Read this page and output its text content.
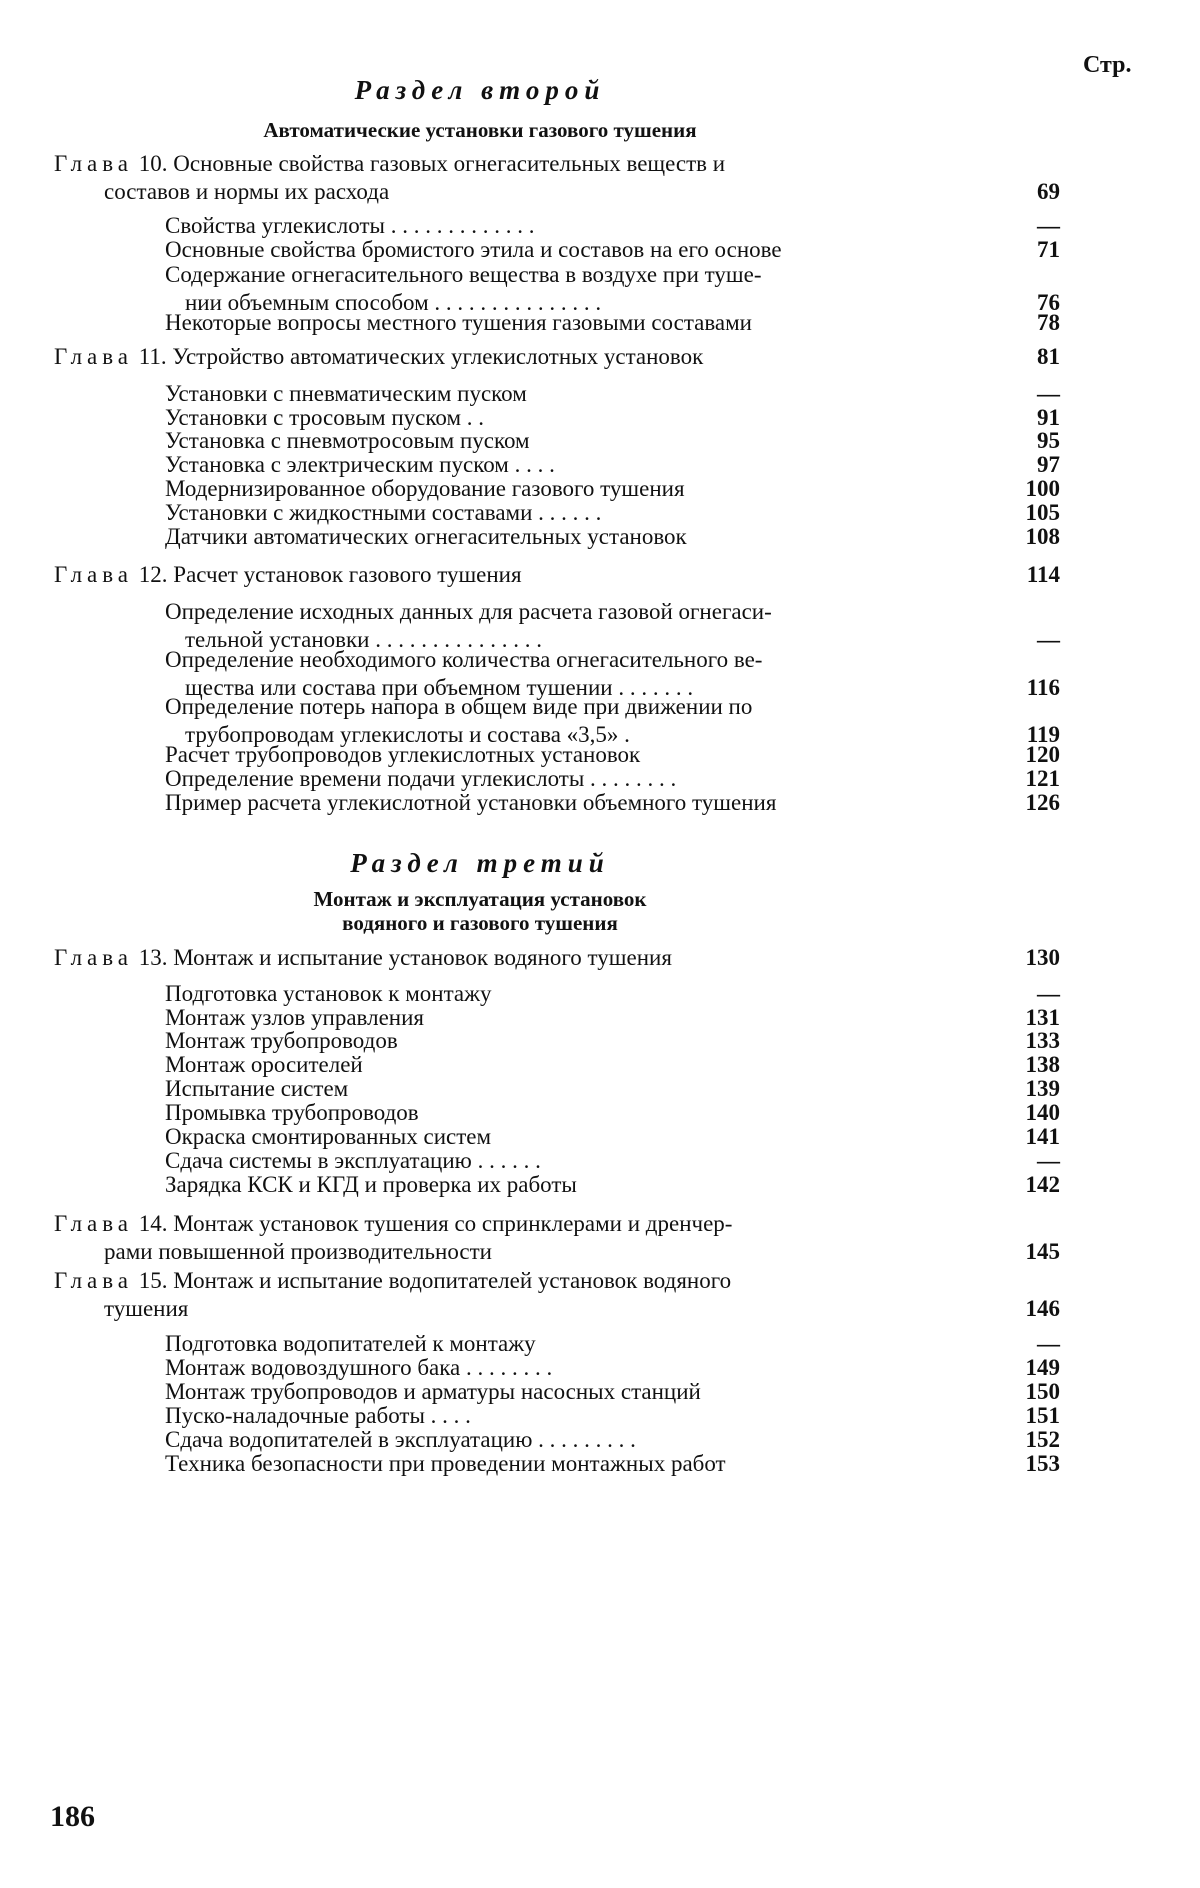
Стр.
Раздел второй
Автоматические установки газового тушения
Глава 10. Основные свойства газовых огнегасительных веществ и
составов и нормы их расхода	69
Свойства углекислоты . . . . . . . . . . . . .	—
Основные свойства бромистого этила и составов на его основе	71
Содержание огнегасительного вещества в воздухе при туше-
нии объемным способом . . . . . . . . . . . . . . .	76
Некоторые вопросы местного тушения газовыми составами	78
Глава 11. Устройство автоматических углекислотных установок	81
Установки с пневматическим пуском	—
Установки с тросовым пуском . .	91
Установка с пневмотросовым пуском	95
Установка с электрическим пуском . . . .	97
Модернизированное оборудование газового тушения	100
Установки с жидкостными составами . . . . . .	105
Датчики автоматических огнегасительных установок	108
Глава 12. Расчет установок газового тушения	114
Определение исходных данных для расчета газовой огнегаси-
тельной установки . . . . . . . . . . . . . . .	—
Определение необходимого количества огнегасительного ве-
щества или состава при объемном тушении . . . . . . .	116
Определение потерь напора в общем виде при движении по
трубопроводам углекислоты и состава «3,5» .	119
Расчет трубопроводов углекислотных установок	120
Определение времени подачи углекислоты . . . . . . . .	121
Пример расчета углекислотной установки объемного тушения	126
Раздел третий
Монтаж и эксплуатация установок
водяного и газового тушения
Глава 13. Монтаж и испытание установок водяного тушения	130
Подготовка установок к монтажу	—
Монтаж узлов управления	131
Монтаж трубопроводов	133
Монтаж оросителей	138
Испытание систем	139
Промывка трубопроводов	140
Окраска смонтированных систем	141
Сдача системы в эксплуатацию . . . . . .	—
Зарядка КСК и КГД и проверка их работы	142
Глава 14. Монтаж установок тушения со спринклерами и дренчер-
рами повышенной производительности	145
Глава 15. Монтаж и испытание водопитателей установок водяного
тушения	146
Подготовка водопитателей к монтажу	—
Монтаж водовоздушного бака . . . . . . . .	149
Монтаж трубопроводов и арматуры насосных станций	150
Пуско-наладочные работы . . . .	151
Сдача водопитателей в эксплуатацию . . . . . . . . .	152
Техника безопасности при проведении монтажных работ	153
186
